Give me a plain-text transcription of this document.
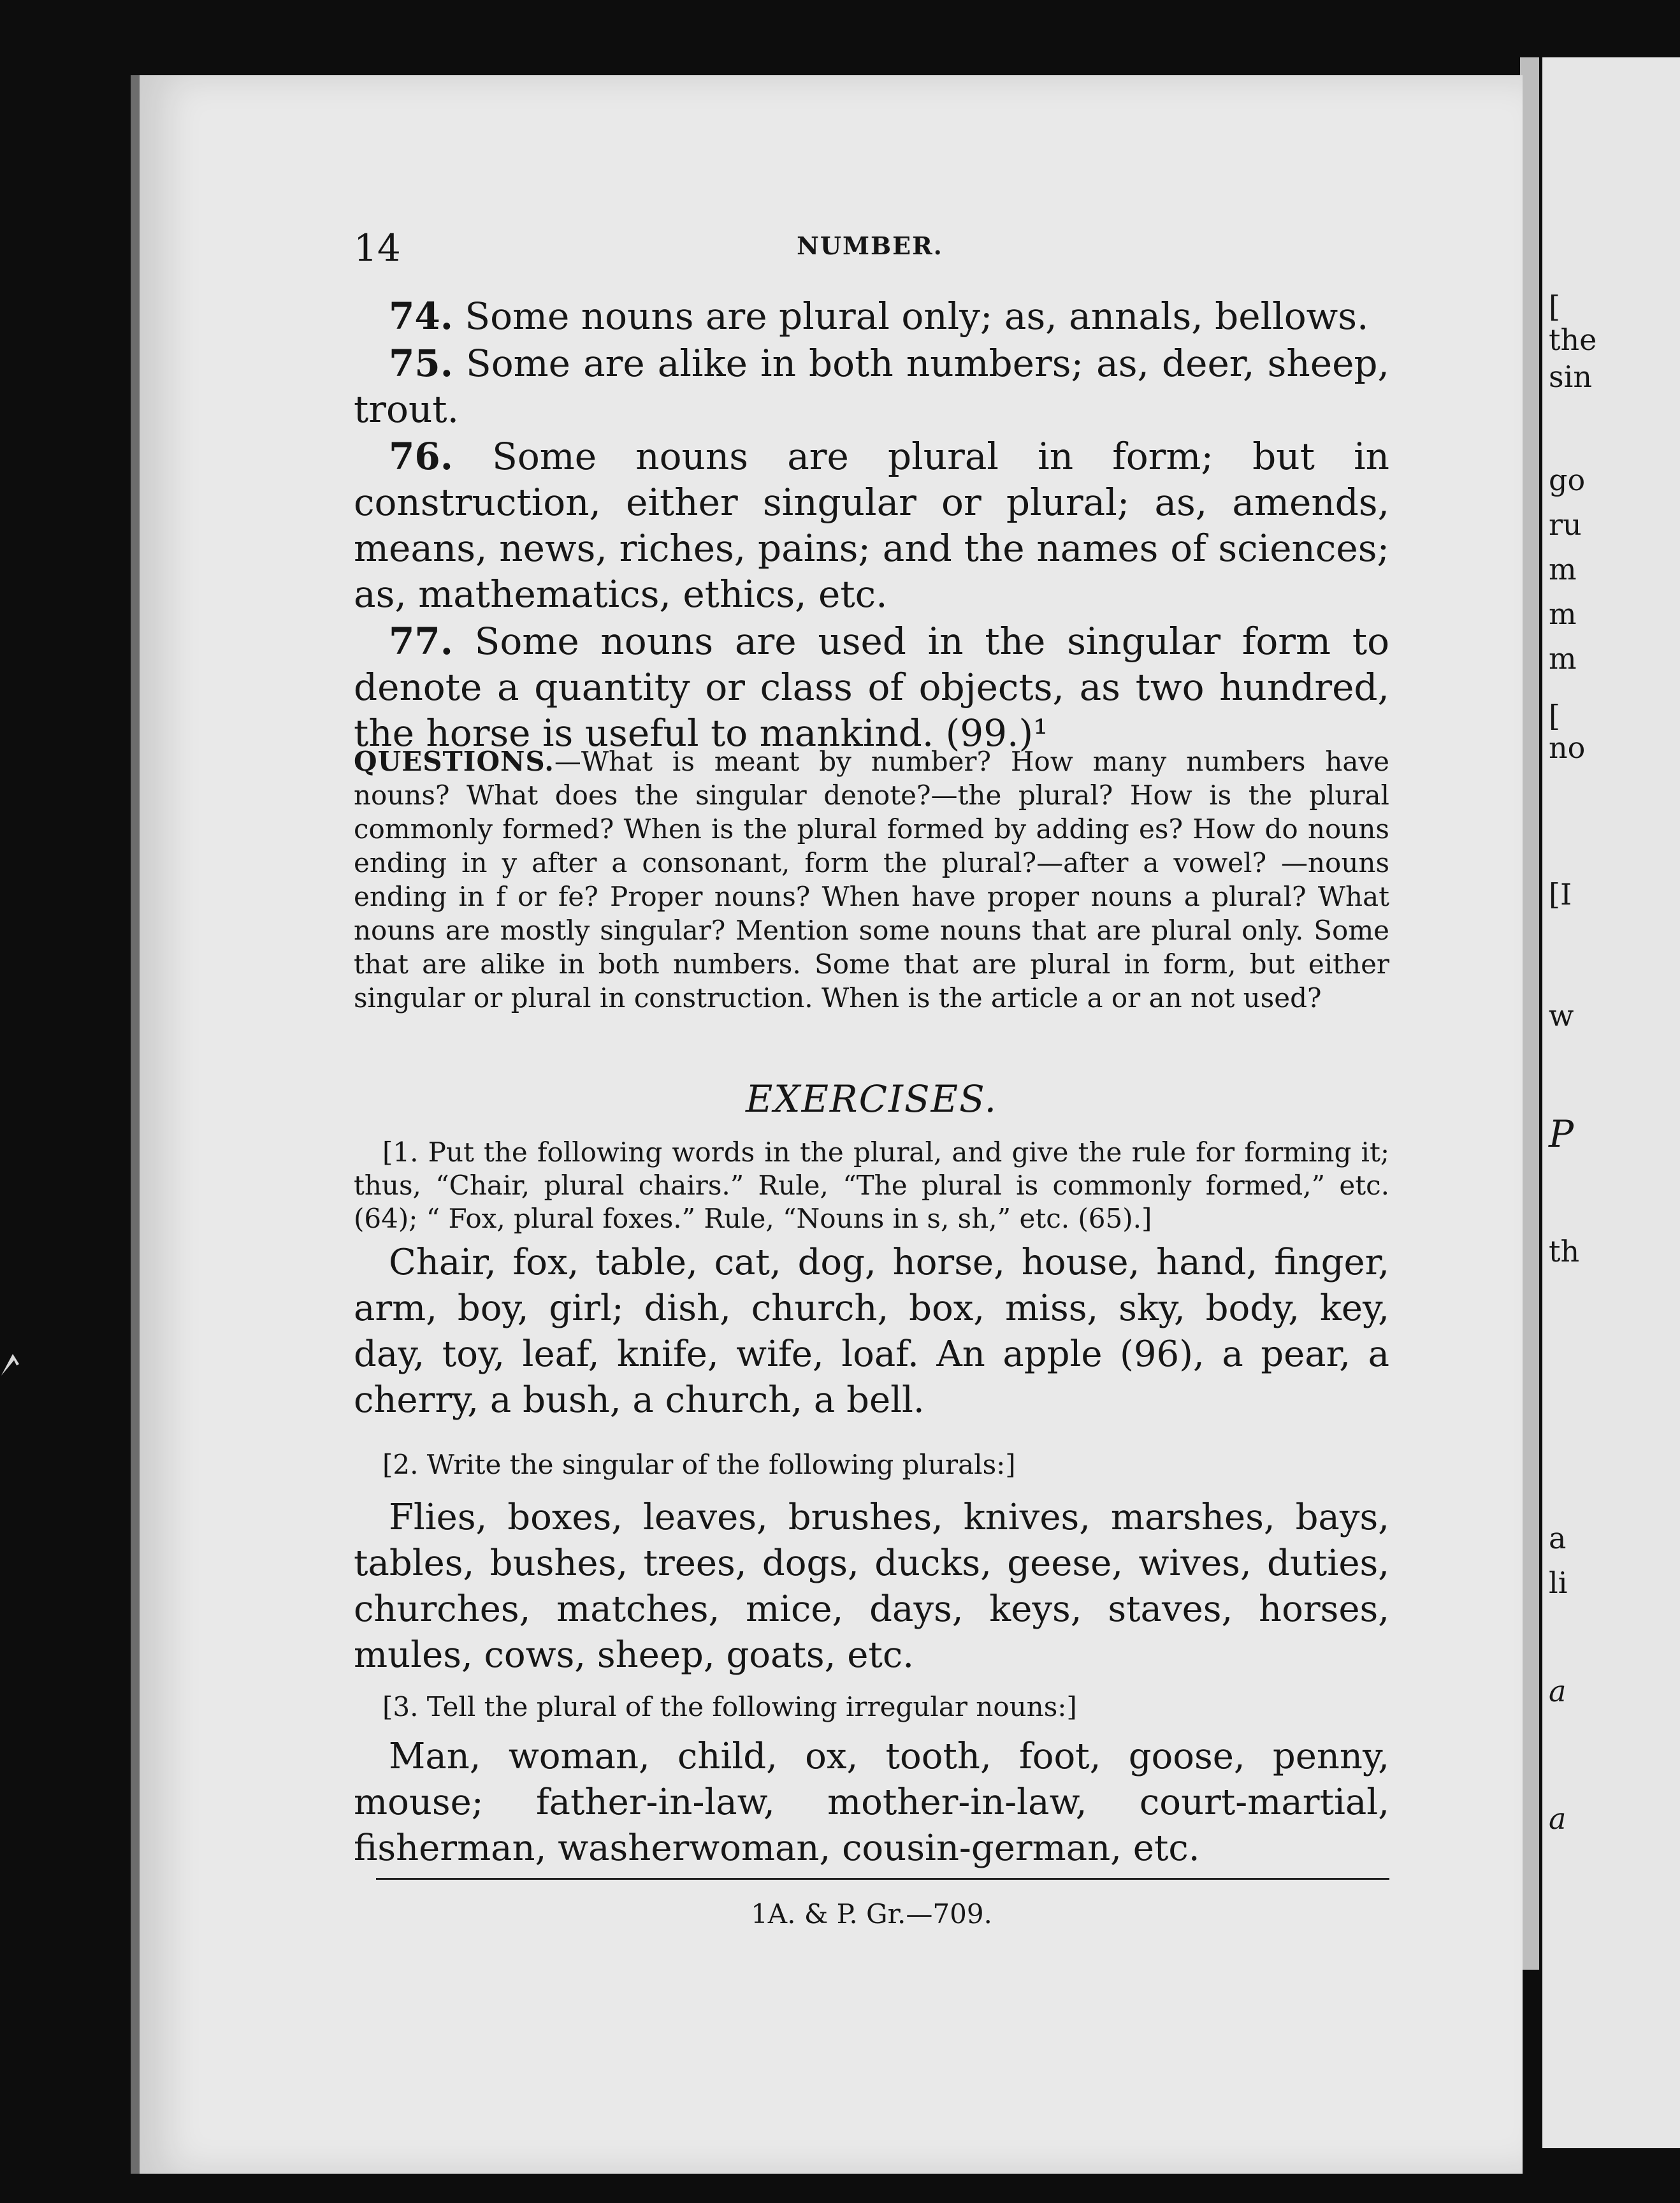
[
the
sin
go
ru
m
m
m
[
no
[I
w
P
th
a
li
a
a
14	NUMBER.

74. Some nouns are plural only; as, annals, bellows.

75. Some are alike in both numbers; as, deer, sheep, trout.

76. Some nouns are plural in form; but in construction, either singular or plural; as, amends, means, news, riches, pains; and the names of sciences; as, mathematics, ethics, etc.

77. Some nouns are used in the singular form to denote a quantity or class of objects, as two hundred, the horse is useful to mankind. (99.)¹

QUESTIONS.—What is meant by number? How many numbers have nouns? What does the singular denote?—the plural? How is the plural commonly formed? When is the plural formed by adding es? How do nouns ending in y after a consonant, form the plural?—after a vowel? —nouns ending in f or fe? Proper nouns? When have proper nouns a plural? What nouns are mostly singular? Mention some nouns that are plural only. Some that are alike in both numbers. Some that are plural in form, but either singular or plural in construction. When is the article a or an not used?
EXERCISES.
[1. Put the following words in the plural, and give the rule for forming it; thus, “Chair, plural chairs.” Rule, “The plural is commonly formed,” etc. (64); “ Fox, plural foxes.” Rule, “Nouns in s, sh,” etc. (65).]
Chair, fox, table, cat, dog, horse, house, hand, finger, arm, boy, girl; dish, church, box, miss, sky, body, key, day, toy, leaf, knife, wife, loaf. An apple (96), a pear, a cherry, a bush, a church, a bell.
[2. Write the singular of the following plurals:]
Flies, boxes, leaves, brushes, knives, marshes, bays, tables, bushes, trees, dogs, ducks, geese, wives, duties, churches, matches, mice, days, keys, staves, horses, mules, cows, sheep, goats, etc.
[3. Tell the plural of the following irregular nouns:]
Man, woman, child, ox, tooth, foot, goose, penny, mouse; father-in-law, mother-in-law, court-martial, fisherman, washerwoman, cousin-german, etc.
1A. & P. Gr.—709.
